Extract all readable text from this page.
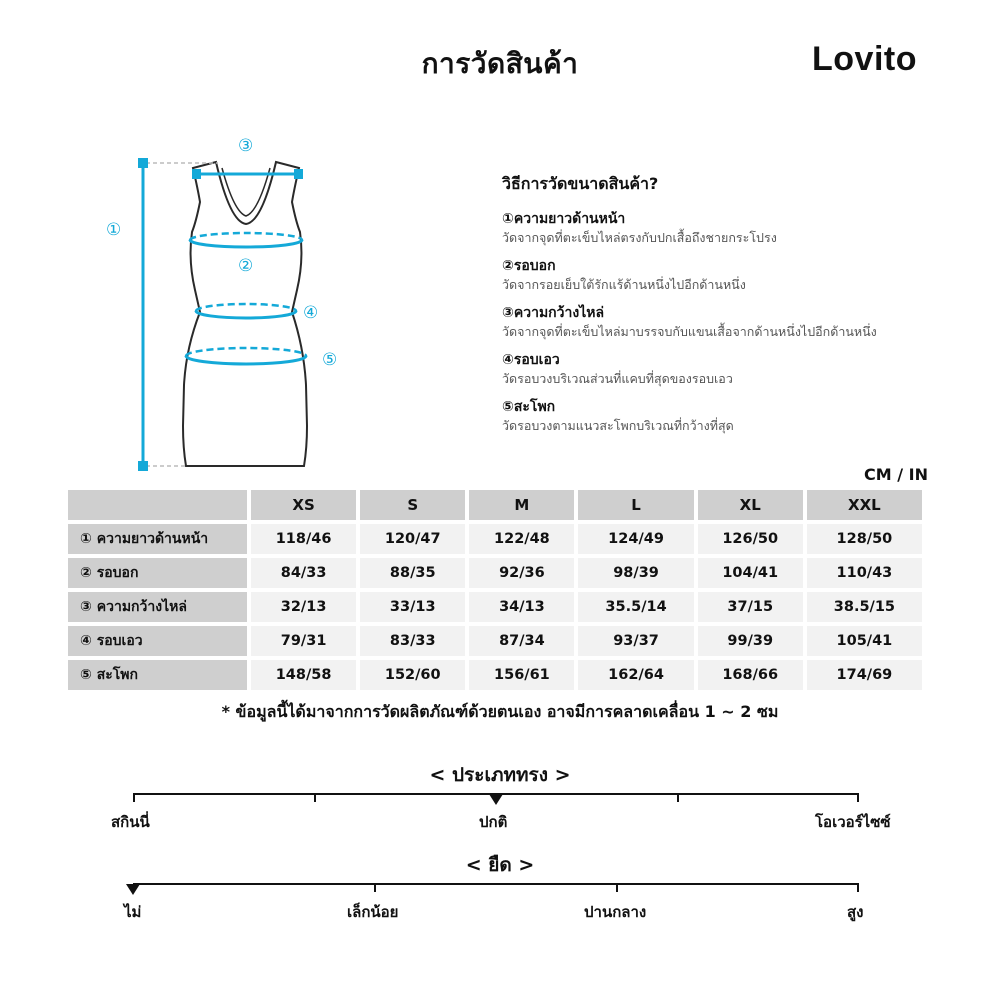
การวัดสินค้า	Lovito
①
②
③
④
⑤
วิธีการวัดขนาดสินค้า?
①ความยาวด้านหน้า
วัดจากจุดที่ตะเข็บไหล่ตรงกับปกเสื้อถึงชายกระโปรง
②รอบอก
วัดจากรอยเย็บใต้รักแร้ด้านหนึ่งไปอีกด้านหนึ่ง
③ความกว้างไหล่
วัดจากจุดที่ตะเข็บไหล่มาบรรจบกับแขนเสื้อจากด้านหนึ่งไปอีกด้านหนึ่ง
④รอบเอว
วัดรอบวงบริเวณส่วนที่แคบที่สุดของรอบเอว
⑤สะโพก
วัดรอบวงตามแนวสะโพกบริเวณที่กว้างที่สุด
CM / IN
	XS	S	M	L	XL	XXL
① ความยาวด้านหน้า	118/46	120/47	122/48	124/49	126/50	128/50
② รอบอก	84/33	88/35	92/36	98/39	104/41	110/43
③ ความกว้างไหล่	32/13	33/13	34/13	35.5/14	37/15	38.5/15
④ รอบเอว	79/31	83/33	87/34	93/37	99/39	105/41
⑤ สะโพก	148/58	152/60	156/61	162/64	168/66	174/69
* ข้อมูลนี้ได้มาจากการวัดผลิตภัณฑ์ด้วยตนเอง อาจมีการคลาดเคลื่อน 1 ~ 2 ซม
< ประเภททรง >
สกินนี่	ปกติ	โอเวอร์ไซซ์
< ยืด >
ไม่	เล็กน้อย	ปานกลาง	สูง
